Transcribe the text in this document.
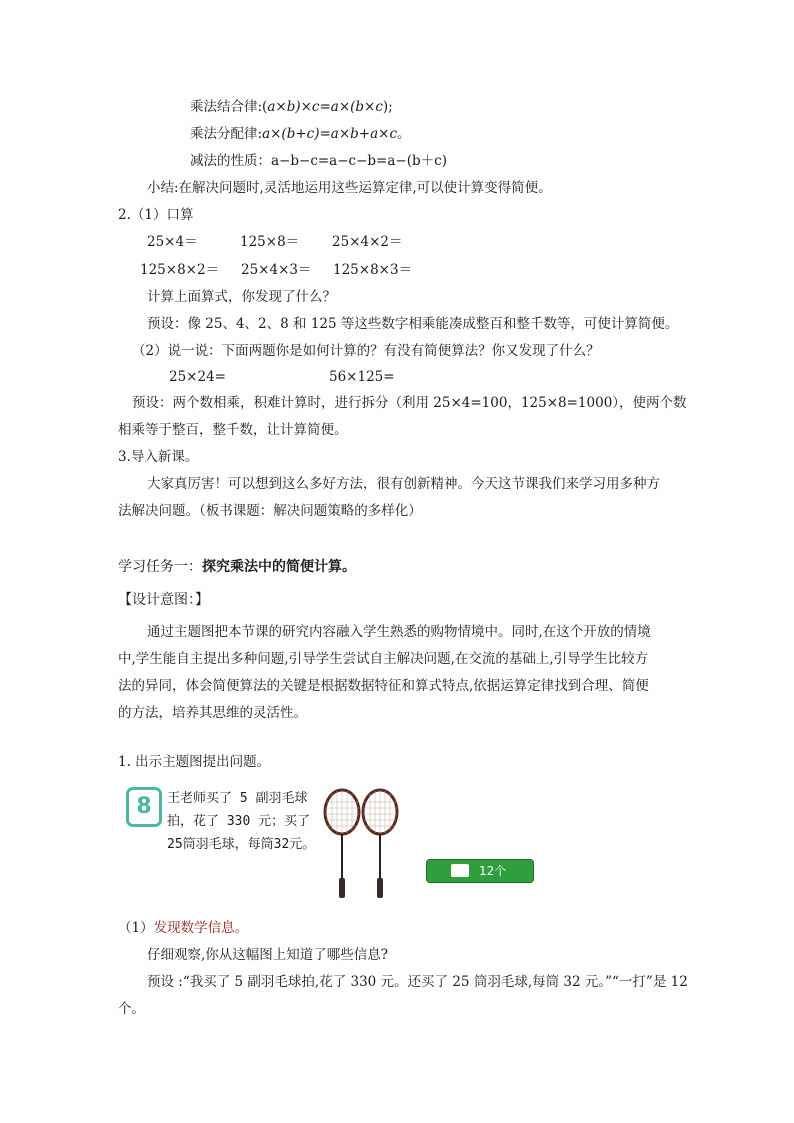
乘法结合律:(a×b)×c=a×(b×c);
乘法分配律:a×(b+c)=a×b+a×c。
减法的性质：a−b−c=a−c−b=a−(b＋c)
小结:在解决问题时,灵活地运用这些运算定律,可以使计算变得简便。
2.（1）口算
25×4＝	125×8＝ 25×4×2＝
125×8×2＝ 25×4×3＝ 125×8×3＝
计算上面算式，你发现了什么？
预设：像 25、4、2、8 和 125 等这些数字相乘能凑成整百和整千数等，可使计算简便。
（2）说一说：下面两题你是如何计算的？有没有简便算法？你又发现了什么？
25×24=	56×125=
预设：两个数相乘，积难计算时，进行拆分（利用 25×4=100，125×8=1000），使两个数
相乘等于整百，整千数，让计算简便。
3.导入新课。
大家真厉害！可以想到这么多好方法，很有创新精神。今天这节课我们来学习用多种方
法解决问题。（板书课题：解决问题策略的多样化）
学习任务一：探究乘法中的简便计算。
【设计意图：】
通过主题图把本节课的研究内容融入学生熟悉的购物情境中。同时,在这个开放的情境
中,学生能自主提出多种问题,引导学生尝试自主解决问题,在交流的基础上,引导学生比较方
法的异同，体会简便算法的关键是根据数据特征和算式特点,依据运算定律找到合理、简便
的方法，培养其思维的灵活性。
1. 出示主题图提出问题。
8	王老师买了 5 副羽毛球
拍，花了 330 元；买了
25筒羽毛球，每筒32元。
12个
（1）发现数学信息。
仔细观察,你从这幅图上知道了哪些信息?
预设 :“我买了 5 副羽毛球拍,花了 330 元。还买了 25 筒羽毛球,每筒 32 元。”“一打”是 12
个。
